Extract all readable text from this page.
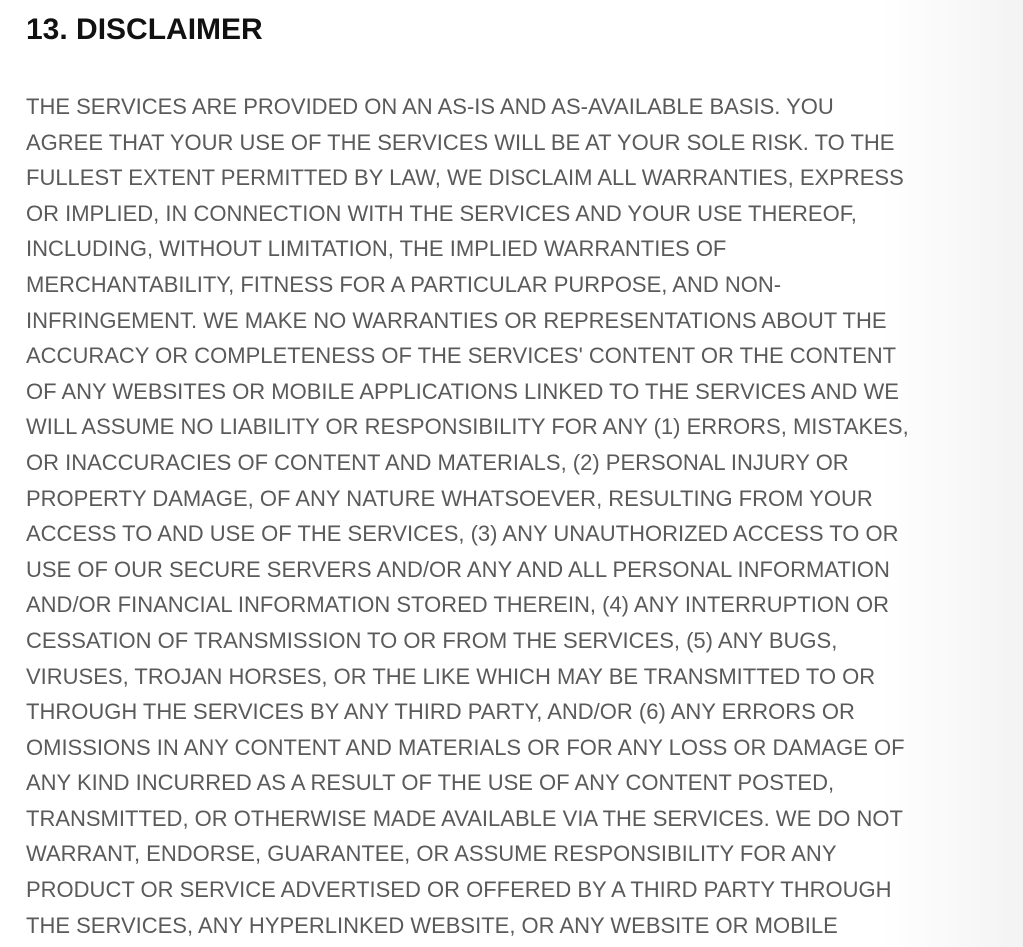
13. DISCLAIMER
THE SERVICES ARE PROVIDED ON AN AS-IS AND AS-AVAILABLE BASIS. YOU
AGREE THAT YOUR USE OF THE SERVICES WILL BE AT YOUR SOLE RISK. TO THE
FULLEST EXTENT PERMITTED BY LAW, WE DISCLAIM ALL WARRANTIES, EXPRESS
OR IMPLIED, IN CONNECTION WITH THE SERVICES AND YOUR USE THEREOF,
INCLUDING, WITHOUT LIMITATION, THE IMPLIED WARRANTIES OF
MERCHANTABILITY, FITNESS FOR A PARTICULAR PURPOSE, AND NON-
INFRINGEMENT. WE MAKE NO WARRANTIES OR REPRESENTATIONS ABOUT THE
ACCURACY OR COMPLETENESS OF THE SERVICES' CONTENT OR THE CONTENT
OF ANY WEBSITES OR MOBILE APPLICATIONS LINKED TO THE SERVICES AND WE
WILL ASSUME NO LIABILITY OR RESPONSIBILITY FOR ANY (1) ERRORS, MISTAKES,
OR INACCURACIES OF CONTENT AND MATERIALS, (2) PERSONAL INJURY OR
PROPERTY DAMAGE, OF ANY NATURE WHATSOEVER, RESULTING FROM YOUR
ACCESS TO AND USE OF THE SERVICES, (3) ANY UNAUTHORIZED ACCESS TO OR
USE OF OUR SECURE SERVERS AND/OR ANY AND ALL PERSONAL INFORMATION
AND/OR FINANCIAL INFORMATION STORED THEREIN, (4) ANY INTERRUPTION OR
CESSATION OF TRANSMISSION TO OR FROM THE SERVICES, (5) ANY BUGS,
VIRUSES, TROJAN HORSES, OR THE LIKE WHICH MAY BE TRANSMITTED TO OR
THROUGH THE SERVICES BY ANY THIRD PARTY, AND/OR (6) ANY ERRORS OR
OMISSIONS IN ANY CONTENT AND MATERIALS OR FOR ANY LOSS OR DAMAGE OF
ANY KIND INCURRED AS A RESULT OF THE USE OF ANY CONTENT POSTED,
TRANSMITTED, OR OTHERWISE MADE AVAILABLE VIA THE SERVICES. WE DO NOT
WARRANT, ENDORSE, GUARANTEE, OR ASSUME RESPONSIBILITY FOR ANY
PRODUCT OR SERVICE ADVERTISED OR OFFERED BY A THIRD PARTY THROUGH
THE SERVICES, ANY HYPERLINKED WEBSITE, OR ANY WEBSITE OR MOBILE
